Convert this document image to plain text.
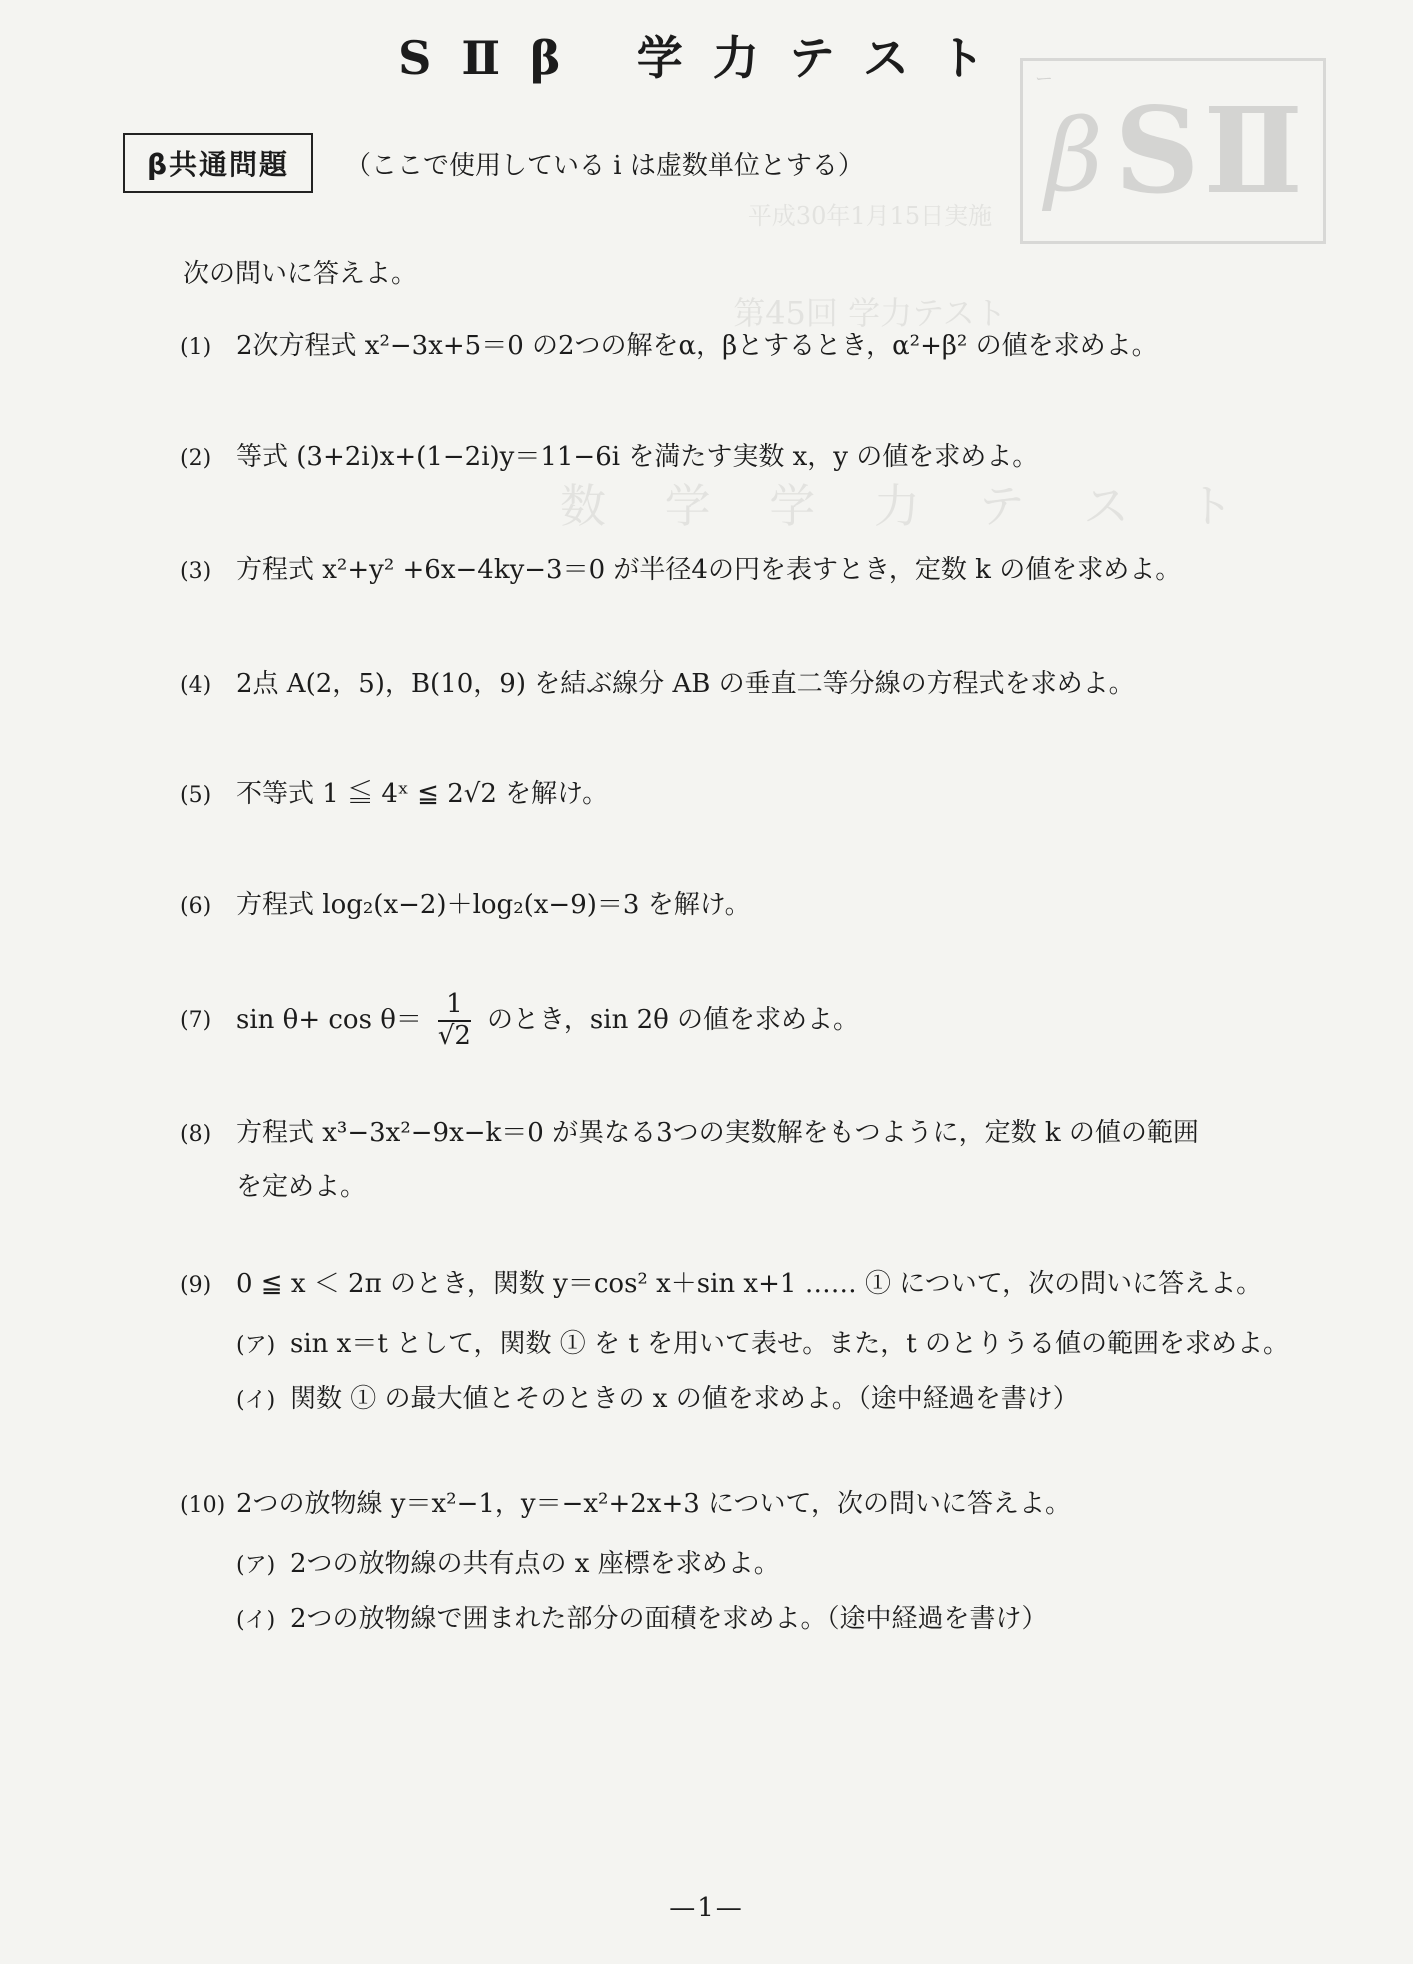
SⅡβ 学力テスト	ー
β SⅡ
平成30年1月15日実施
第45回 学力テスト
数 学 学 力 テ ス ト
β共通問題	（ここで使用している i は虚数単位とする）
次の問いに答えよ。
(1) 2次方程式 x²−3x+5＝0 の2つの解をα，βとするとき，α²+β² の値を求めよ。
(2) 等式 (3+2i)x+(1−2i)y＝11−6i を満たす実数 x，y の値を求めよ。
(3) 方程式 x²+y² +6x−4ky−3＝0 が半径4の円を表すとき，定数 k の値を求めよ。
(4) 2点 A(2，5)，B(10，9) を結ぶ線分 AB の垂直二等分線の方程式を求めよ。
(5) 不等式 1 ≦ 4ˣ ≦ 2√2 を解け。
(6) 方程式 log₂(x−2)＋log₂(x−9)＝3 を解け。
(7) $\sin \theta+ \cos \theta= \frac{1}{√2}$ のとき，sin 2θ の値を求めよ。
(8) 方程式 x³−3x²−9x−k＝0 が異なる3つの実数解をもつように，定数 k の値の範囲
を定めよ。
(9) 0 ≦ x ＜ 2π のとき，関数 y＝cos² x＋sin x+1 …… ① について，次の問いに答えよ。
(ア) sin x＝t として，関数 ① を t を用いて表せ。また，t のとりうる値の範囲を求めよ。
(イ) 関数 ① の最大値とそのときの x の値を求めよ。（途中経過を書け）
(10) 2つの放物線 y＝x²−1，y＝−x²+2x+3 について，次の問いに答えよ。
(ア) 2つの放物線の共有点の x 座標を求めよ。
(イ) 2つの放物線で囲まれた部分の面積を求めよ。（途中経過を書け）
—1—
